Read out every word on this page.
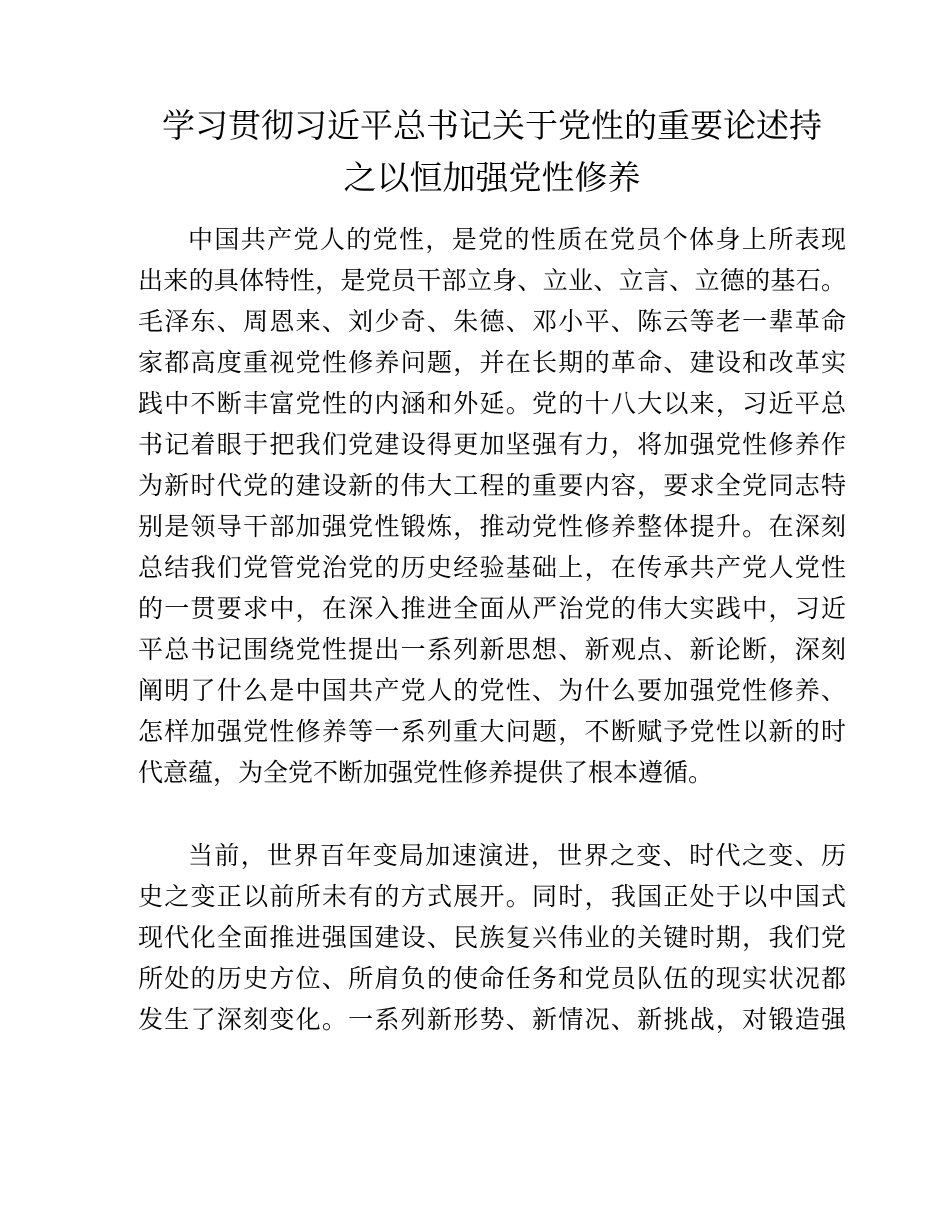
学习贯彻习近平总书记关于党性的重要论述持
之以恒加强党性修养
中国共产党人的党性，是党的性质在党员个体身上所表现
出来的具体特性，是党员干部立身、立业、立言、立德的基石。
毛泽东、周恩来、刘少奇、朱德、邓小平、陈云等老一辈革命
家都高度重视党性修养问题，并在长期的革命、建设和改革实
践中不断丰富党性的内涵和外延。党的十八大以来，习近平总
书记着眼于把我们党建设得更加坚强有力，将加强党性修养作
为新时代党的建设新的伟大工程的重要内容，要求全党同志特
别是领导干部加强党性锻炼，推动党性修养整体提升。在深刻
总结我们党管党治党的历史经验基础上，在传承共产党人党性
的一贯要求中，在深入推进全面从严治党的伟大实践中，习近
平总书记围绕党性提出一系列新思想、新观点、新论断，深刻
阐明了什么是中国共产党人的党性、为什么要加强党性修养、
怎样加强党性修养等一系列重大问题，不断赋予党性以新的时
代意蕴，为全党不断加强党性修养提供了根本遵循。
当前，世界百年变局加速演进，世界之变、时代之变、历
史之变正以前所未有的方式展开。同时，我国正处于以中国式
现代化全面推进强国建设、民族复兴伟业的关键时期，我们党
所处的历史方位、所肩负的使命任务和党员队伍的现实状况都
发生了深刻变化。一系列新形势、新情况、新挑战，对锻造强
